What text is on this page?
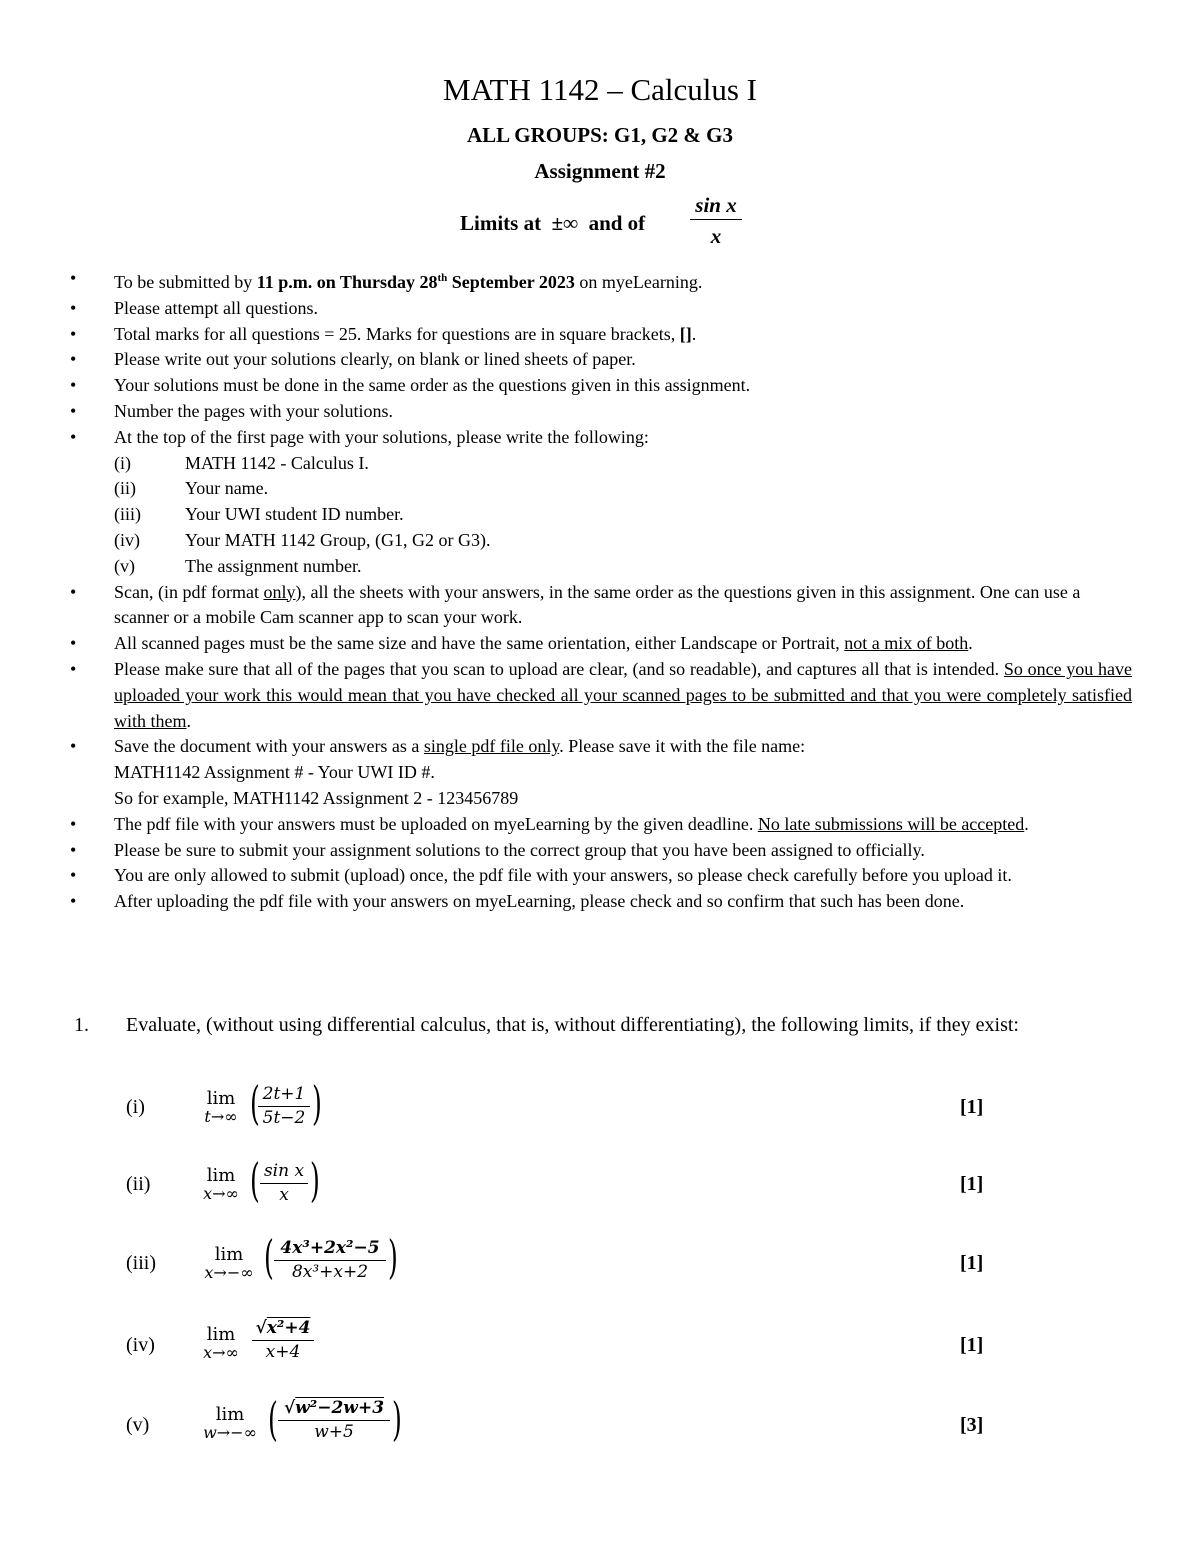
MATH 1142 – Calculus I
ALL GROUPS: G1, G2 & G3
Assignment #2
Limits at  ±∞  and of
sin x
x
• To be submitted by 11 p.m. on Thursday 28th September 2023 on myeLearning.
• Please attempt all questions.
• Total marks for all questions = 25. Marks for questions are in square brackets, [].
• Please write out your solutions clearly, on blank or lined sheets of paper.
• Your solutions must be done in the same order as the questions given in this assignment.
• Number the pages with your solutions.
• At the top of the first page with your solutions, please write the following:
(i)	MATH 1142 - Calculus I.
(ii)	Your name.
(iii) Your UWI student ID number.
(iv)	Your MATH 1142 Group, (G1, G2 or G3).
(v)	The assignment number.
• Scan, (in pdf format only), all the sheets with your answers, in the same order as the questions given in this assignment. One can use a scanner or a mobile Cam scanner app to scan your work.
• All scanned pages must be the same size and have the same orientation, either Landscape or Portrait, not a mix of both.
• Please make sure that all of the pages that you scan to upload are clear, (and so readable), and captures all that is intended. So once you have uploaded your work this would mean that you have checked all your scanned pages to be submitted and that you were completely satisfied with them.
• Save the document with your answers as a single pdf file only. Please save it with the file name:
MATH1142 Assignment # - Your UWI ID #.
So for example, MATH1142 Assignment 2 - 123456789
• The pdf file with your answers must be uploaded on myeLearning by the given deadline. No late submissions will be accepted.
• Please be sure to submit your assignment solutions to the correct group that you have been assigned to officially.
• You are only allowed to submit (upload) once, the pdf file with your answers, so please check carefully before you upload it.
• After uploading the pdf file with your answers on myeLearning, please check and so confirm that such has been done.
1. Evaluate, (without using differential calculus, that is, without differentiating), the following limits, if they exist:
(i)	lim
t→∞ ( 2t+1
5t−2 )	[1]
(ii)	lim
x→∞ ( sin x
x )	[1]
(iii)	lim
x→−∞ ( 4x³+2x²−5
8x³+x+2 )	[1]
(iv)	lim
x→∞
√x²+4
x+4	[1]
(v)	lim
w→−∞ ( √w²−2w+3
w+5 )	[3]
